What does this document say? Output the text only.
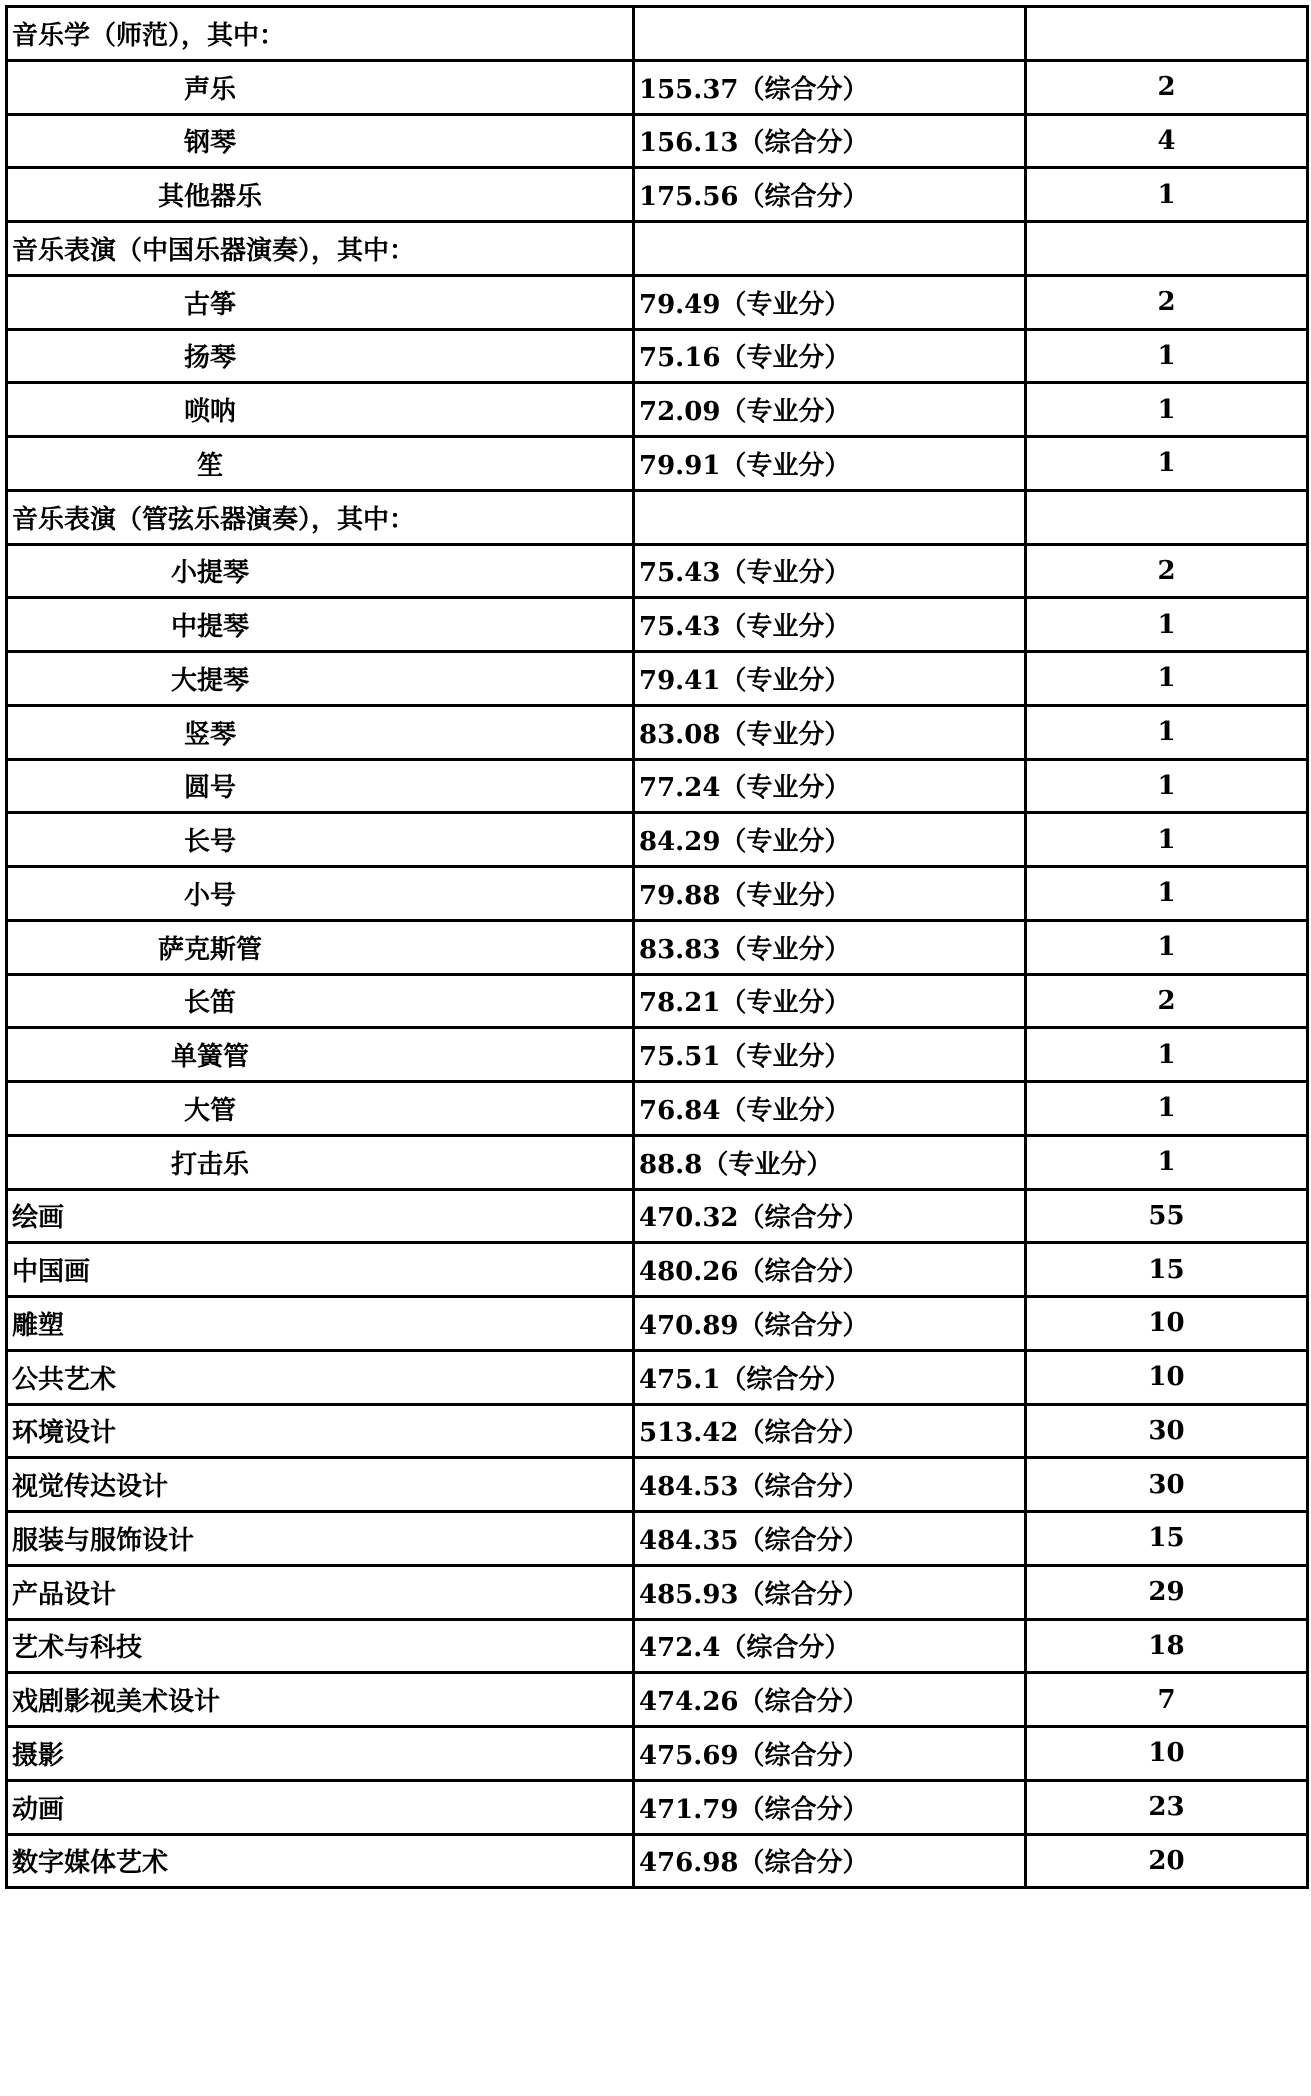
音乐学（师范），其中：		
声乐	155.37（综合分）	2
钢琴	156.13（综合分）	4
其他器乐	175.56（综合分）	1
音乐表演（中国乐器演奏），其中：		
古筝	79.49（专业分）	2
扬琴	75.16（专业分）	1
唢呐	72.09（专业分）	1
笙	79.91（专业分）	1
音乐表演（管弦乐器演奏），其中：		
小提琴	75.43（专业分）	2
中提琴	75.43（专业分）	1
大提琴	79.41（专业分）	1
竖琴	83.08（专业分）	1
圆号	77.24（专业分）	1
长号	84.29（专业分）	1
小号	79.88（专业分）	1
萨克斯管	83.83（专业分）	1
长笛	78.21（专业分）	2
单簧管	75.51（专业分）	1
大管	76.84（专业分）	1
打击乐	88.8（专业分）	1
绘画	470.32（综合分）	55
中国画	480.26（综合分）	15
雕塑	470.89（综合分）	10
公共艺术	475.1（综合分）	10
环境设计	513.42（综合分）	30
视觉传达设计	484.53（综合分）	30
服装与服饰设计	484.35（综合分）	15
产品设计	485.93（综合分）	29
艺术与科技	472.4（综合分）	18
戏剧影视美术设计	474.26（综合分）	7
摄影	475.69（综合分）	10
动画	471.79（综合分）	23
数字媒体艺术	476.98（综合分）	20
